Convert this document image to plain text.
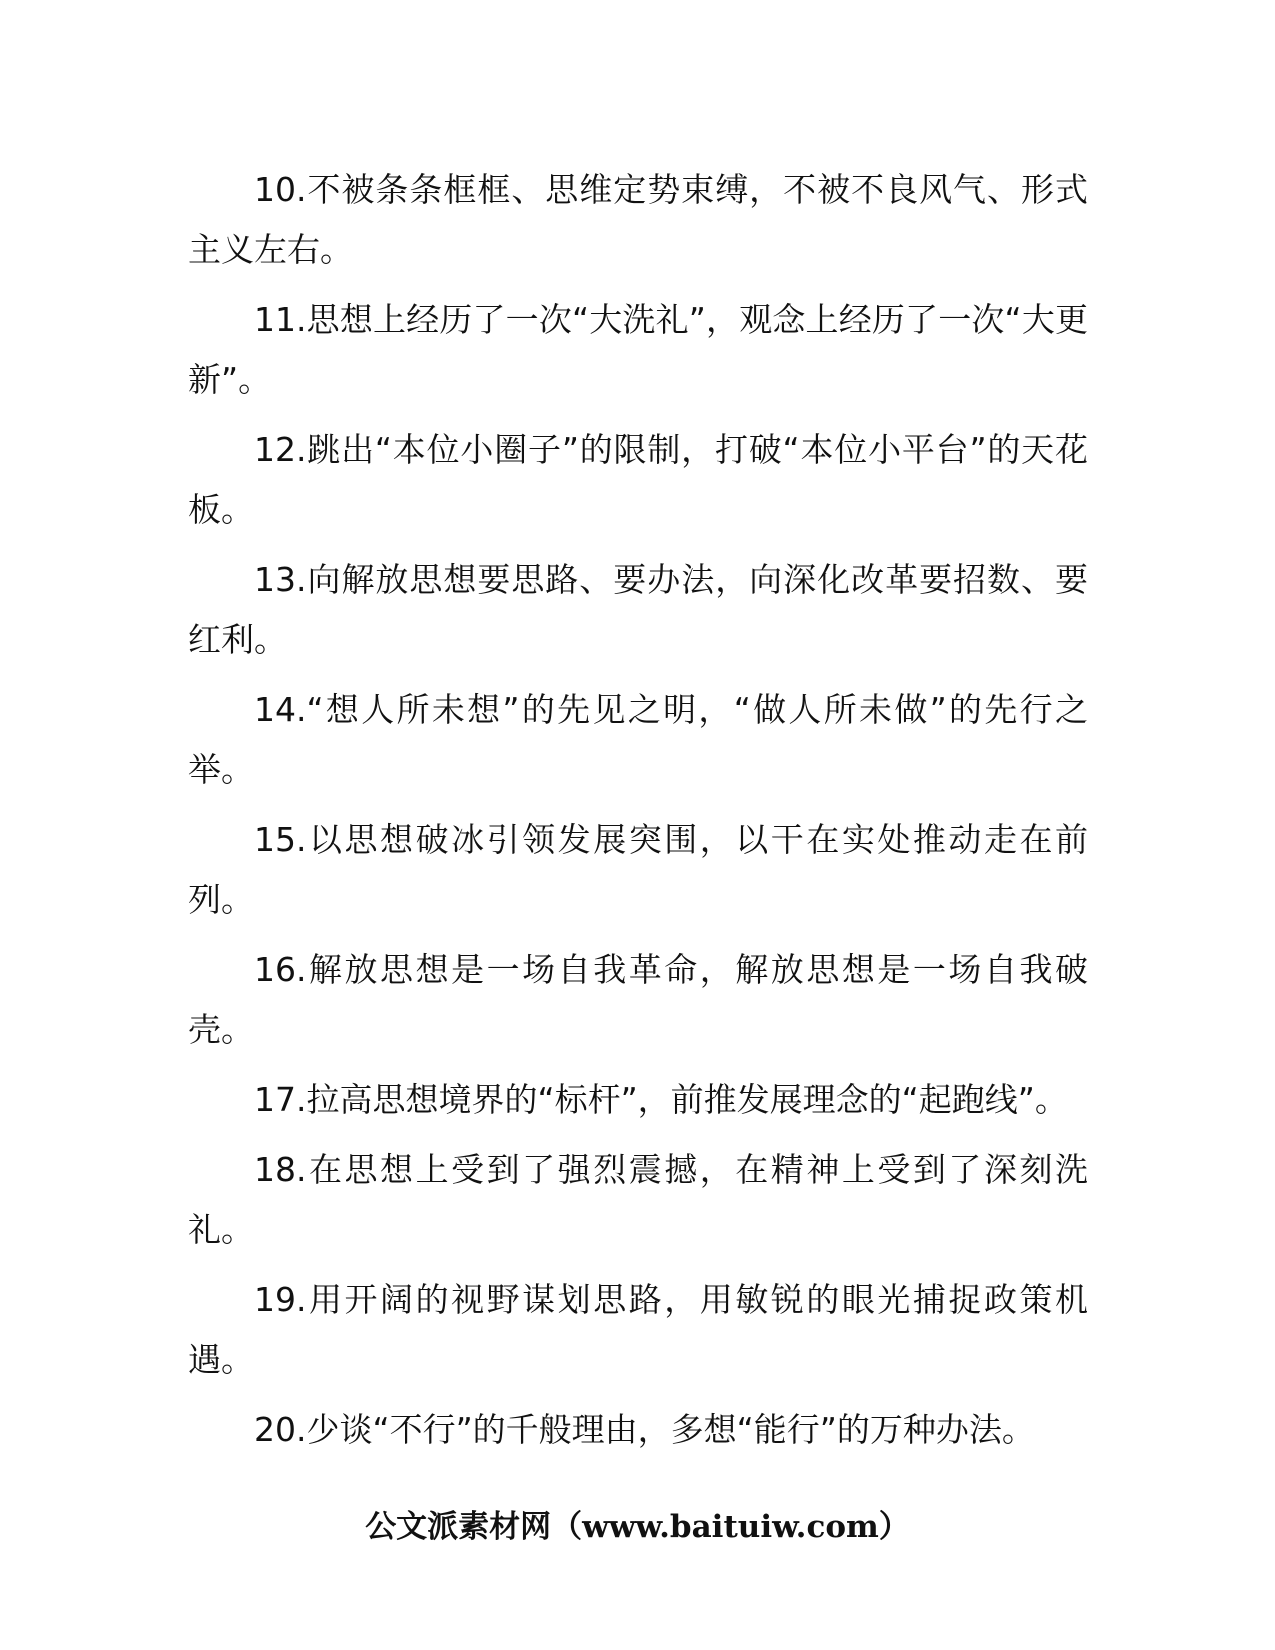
10.不被条条框框、思维定势束缚，不被不良风气、形式主义左右。

11.思想上经历了一次“大洗礼”，观念上经历了一次“大更新”。

12.跳出“本位小圈子”的限制，打破“本位小平台”的天花板。

13.向解放思想要思路、要办法，向深化改革要招数、要红利。

14.“想人所未想”的先见之明，“做人所未做”的先行之举。

15.以思想破冰引领发展突围，以干在实处推动走在前列。

16.解放思想是一场自我革命，解放思想是一场自我破壳。

17.拉高思想境界的“标杆”，前推发展理念的“起跑线”。

18.在思想上受到了强烈震撼，在精神上受到了深刻洗礼。

19.用开阔的视野谋划思路，用敏锐的眼光捕捉政策机遇。

20.少谈“不行”的千般理由，多想“能行”的万种办法。

公文派素材网（www.baituiw.com）
